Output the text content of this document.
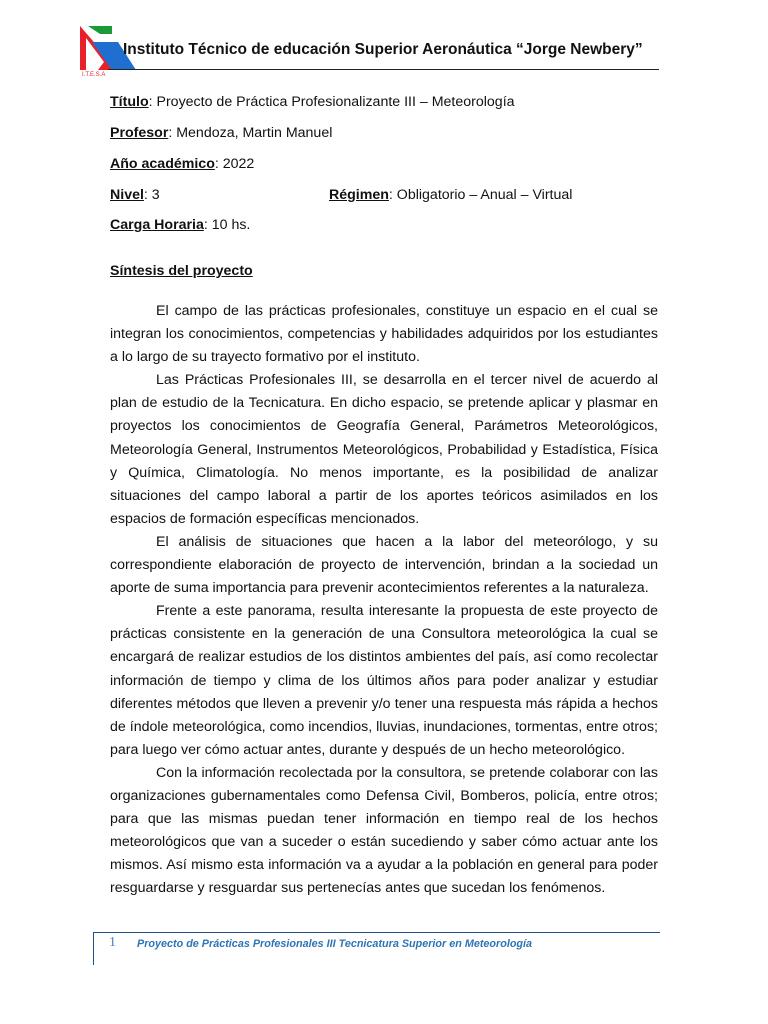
I.T.E.S.A
Instituto Técnico de educación Superior Aeronáutica “Jorge Newbery”
Título: Proyecto de Práctica Profesionalizante III – Meteorología
Profesor: Mendoza, Martin Manuel
Año académico: 2022
Nivel: 3	Régimen: Obligatorio – Anual – Virtual
Carga Horaria: 10 hs.
Síntesis del proyecto

El campo de las prácticas profesionales, constituye un espacio en el cual se integran los conocimientos, competencias y habilidades adquiridos por los estudiantes a lo largo de su trayecto formativo por el instituto.

Las Prácticas Profesionales III, se desarrolla en el tercer nivel de acuerdo al plan de estudio de la Tecnicatura. En dicho espacio, se pretende aplicar y plasmar en proyectos los conocimientos de Geografía General, Parámetros Meteorológicos, Meteorología General, Instrumentos Meteorológicos, Probabilidad y Estadística, Física y Química, Climatología. No menos importante, es la posibilidad de analizar situaciones del campo laboral a partir de los aportes teóricos asimilados en los espacios de formación específicas mencionados.

El análisis de situaciones que hacen a la labor del meteorólogo, y su correspondiente elaboración de proyecto de intervención, brindan a la sociedad un aporte de suma importancia para prevenir acontecimientos referentes a la naturaleza.

Frente a este panorama, resulta interesante la propuesta de este proyecto de prácticas consistente en la generación de una Consultora meteorológica la cual se encargará de realizar estudios de los distintos ambientes del país, así como recolectar información de tiempo y clima de los últimos años para poder analizar y estudiar diferentes métodos que lleven a prevenir y/o tener una respuesta más rápida a hechos de índole meteorológica, como incendios, lluvias, inundaciones, tormentas, entre otros; para luego ver cómo actuar antes, durante y después de un hecho meteorológico.

Con la información recolectada por la consultora, se pretende colaborar con las organizaciones gubernamentales como Defensa Civil, Bomberos, policía, entre otros; para que las mismas puedan tener información en tiempo real de los hechos meteorológicos que van a suceder o están sucediendo y saber cómo actuar ante los mismos. Así mismo esta información va a ayudar a la población en general para poder resguardarse y resguardar sus pertenecías antes que sucedan los fenómenos.

1 Proyecto de Prácticas Profesionales III Tecnicatura Superior en Meteorología
